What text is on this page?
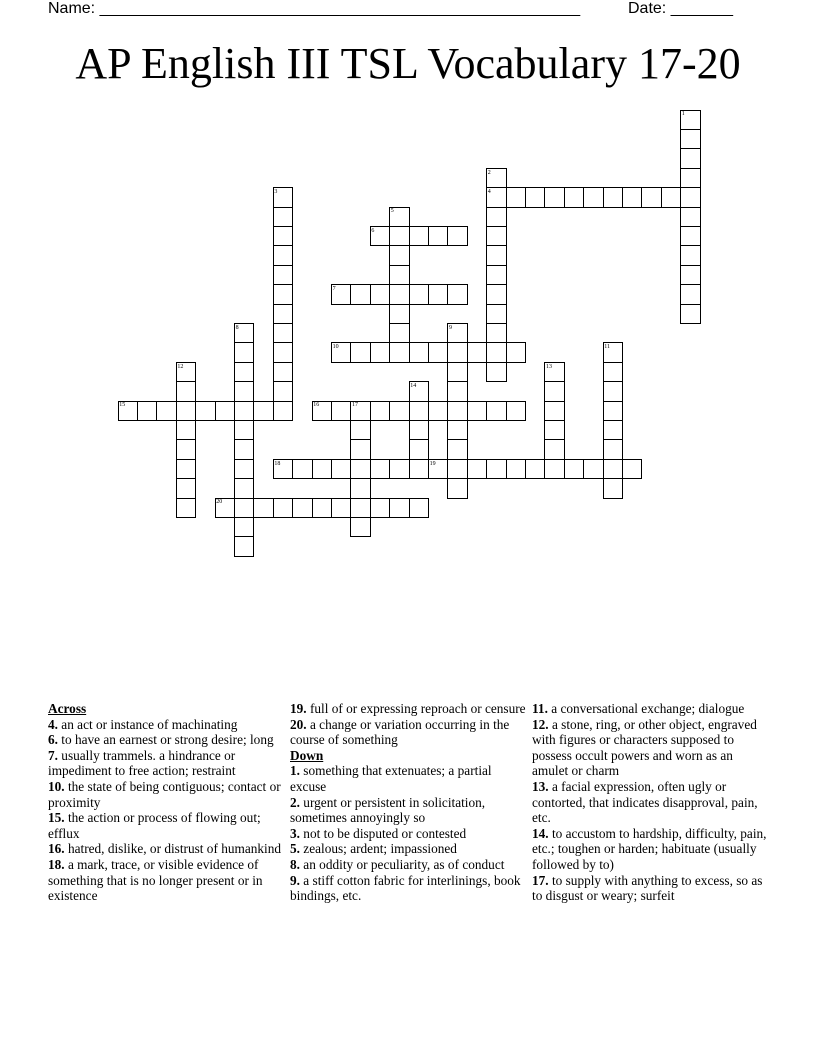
Name: ______________________________________________________	Date: _______
AP English III TSL Vocabulary 17-20
1
2
3	4
5
6
7
8	9
10	11
12	13
14
15	16	17
18	19
20

Across

4. an act or instance of machinating

6. to have an earnest or strong desire; long

7. usually trammels. a hindrance or impediment to free action; restraint

10. the state of being contiguous; contact or proximity

15. the action or process of flowing out; efflux

16. hatred, dislike, or distrust of humankind

18. a mark, trace, or visible evidence of something that is no longer present or in existence

19. full of or expressing reproach or censure

20. a change or variation occurring in the course of something

Down

1. something that extenuates; a partial excuse

2. urgent or persistent in solicitation, sometimes annoyingly so

3. not to be disputed or contested

5. zealous; ardent; impassioned

8. an oddity or peculiarity, as of conduct

9. a stiff cotton fabric for interlinings, book bindings, etc.

11. a conversational exchange; dialogue

12. a stone, ring, or other object, engraved with figures or characters supposed to possess occult powers and worn as an amulet or charm

13. a facial expression, often ugly or contorted, that indicates disapproval, pain, etc.

14. to accustom to hardship, difficulty, pain, etc.; toughen or harden; habituate (usually followed by to)

17. to supply with anything to excess, so as to disgust or weary; surfeit
